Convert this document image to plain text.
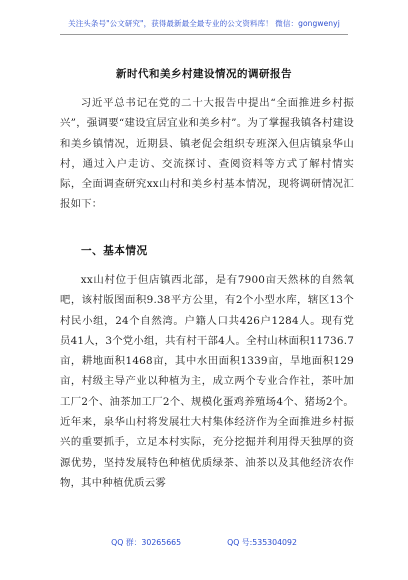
关注头条号"公文研究"，获得最新最全最专业的公文资料库！ 微信：gongwenyj
新时代和美乡村建设情况的调研报告

习近平总书记在党的二十大报告中提出“全面推进乡村振兴”，强调要“建设宜居宜业和美乡村”。为了掌握我镇各村建设和美乡镇情况，近期县、镇老促会组织专班深入但店镇泉华山村，通过入户走访、交流探讨、查阅资料等方式了解村情实际，全面调查研究xx山村和美乡村基本情况，现将调研情况汇报如下：

一、基本情况

xx山村位于但店镇西北部，是有7900亩天然林的自然氧吧，该村版图面积9.38平方公里，有2个小型水库，辖区13个村民小组，24个自然湾。户籍人口共426户1284人。现有党员41人，3个党小组，共有村干部4人。全村山林面积11736.7亩，耕地面积1468亩，其中水田面积1339亩，旱地面积129亩，村级主导产业以种植为主，成立两个专业合作社，茶叶加工厂2个、油茶加工厂2个、规模化蛋鸡养殖场4个、猪场2个。近年来，泉华山村将发展壮大村集体经济作为全面推进乡村振兴的重要抓手，立足本村实际，充分挖掘并利用得天独厚的资源优势，坚持发展特色种植优质绿茶、油茶以及其他经济农作物，其中种植优质云雾

QQ 群：30265665	QQ 号:535304092
